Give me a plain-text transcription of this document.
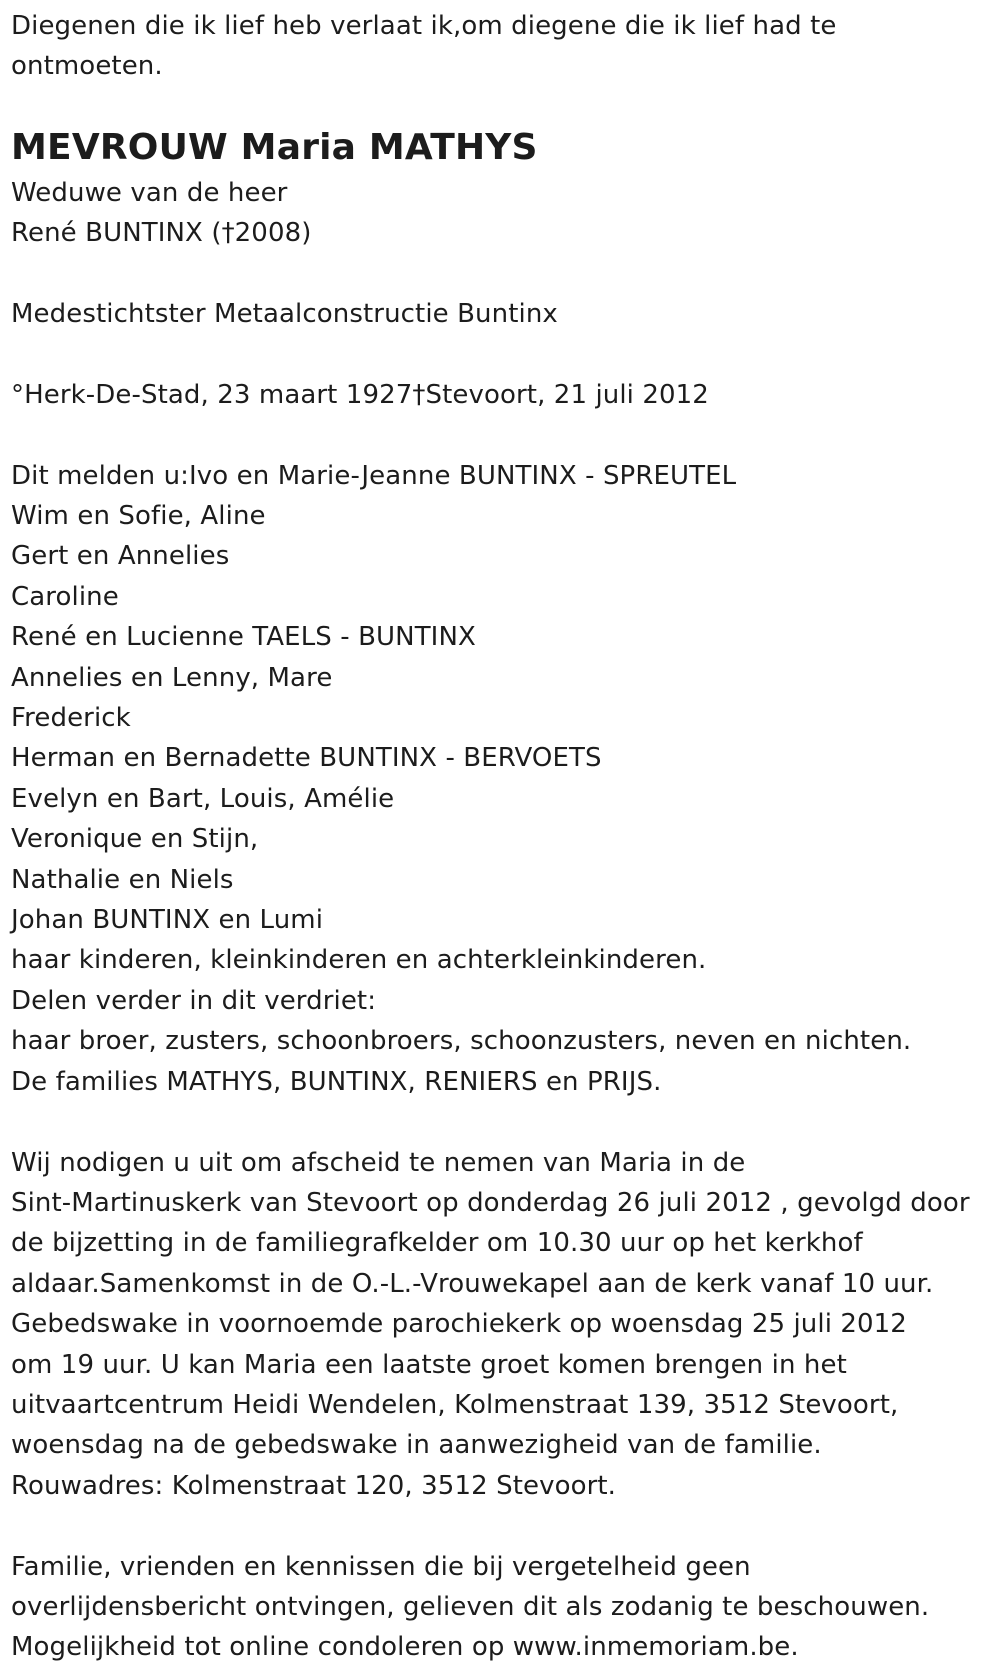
Diegenen die ik lief heb verlaat ik,om diegene die ik lief had te
ontmoeten.
MEVROUW Maria MATHYS
Weduwe van de heer
René BUNTINX (†2008)
Medestichtster Metaalconstructie Buntinx
°Herk-De-Stad, 23 maart 1927†Stevoort, 21 juli 2012
Dit melden u:Ivo en Marie-Jeanne BUNTINX - SPREUTEL
Wim en Sofie, Aline
Gert en Annelies
Caroline
René en Lucienne TAELS - BUNTINX
Annelies en Lenny, Mare
Frederick
Herman en Bernadette BUNTINX - BERVOETS
Evelyn en Bart, Louis, Amélie
Veronique en Stijn,
Nathalie en Niels
Johan BUNTINX en Lumi
haar kinderen, kleinkinderen en achterkleinkinderen.
Delen verder in dit verdriet:
haar broer, zusters, schoonbroers, schoonzusters, neven en nichten.
De families MATHYS, BUNTINX, RENIERS en PRIJS.
Wij nodigen u uit om afscheid te nemen van Maria in de
Sint-Martinuskerk van Stevoort op donderdag 26 juli 2012 , gevolgd door
de bijzetting in de familiegrafkelder om 10.30 uur op het kerkhof
aldaar.Samenkomst in de O.-L.-Vrouwekapel aan de kerk vanaf 10 uur.
Gebedswake in voornoemde parochiekerk op woensdag 25 juli 2012
om 19 uur. U kan Maria een laatste groet komen brengen in het
uitvaartcentrum Heidi Wendelen, Kolmenstraat 139, 3512 Stevoort,
woensdag na de gebedswake in aanwezigheid van de familie.
Rouwadres: Kolmenstraat 120, 3512 Stevoort.
Familie, vrienden en kennissen die bij vergetelheid geen
overlijdensbericht ontvingen, gelieven dit als zodanig te beschouwen.
Mogelijkheid tot online condoleren op www.inmemoriam.be.
